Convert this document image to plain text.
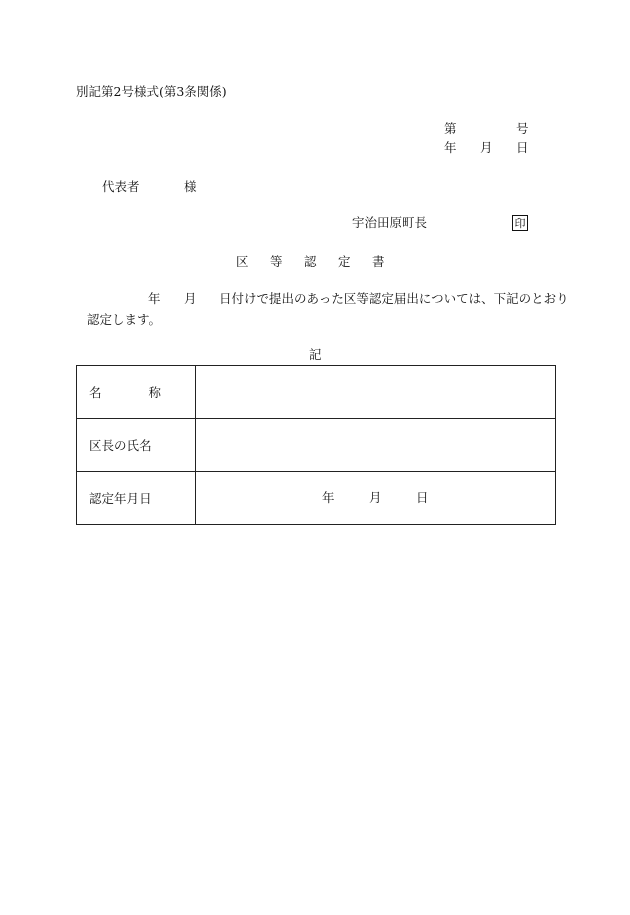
別記第2号様式(第3条関係)
第	号
年 月 日
代表者	様
宇治田原町長	印
区	等	認	定	書
年 月 日付けで提出のあった区等認定届出については、下記のとおり
認定します。
記
名 称	

区 長 の 氏 名	

認 定 年 月 日	年 月 日
